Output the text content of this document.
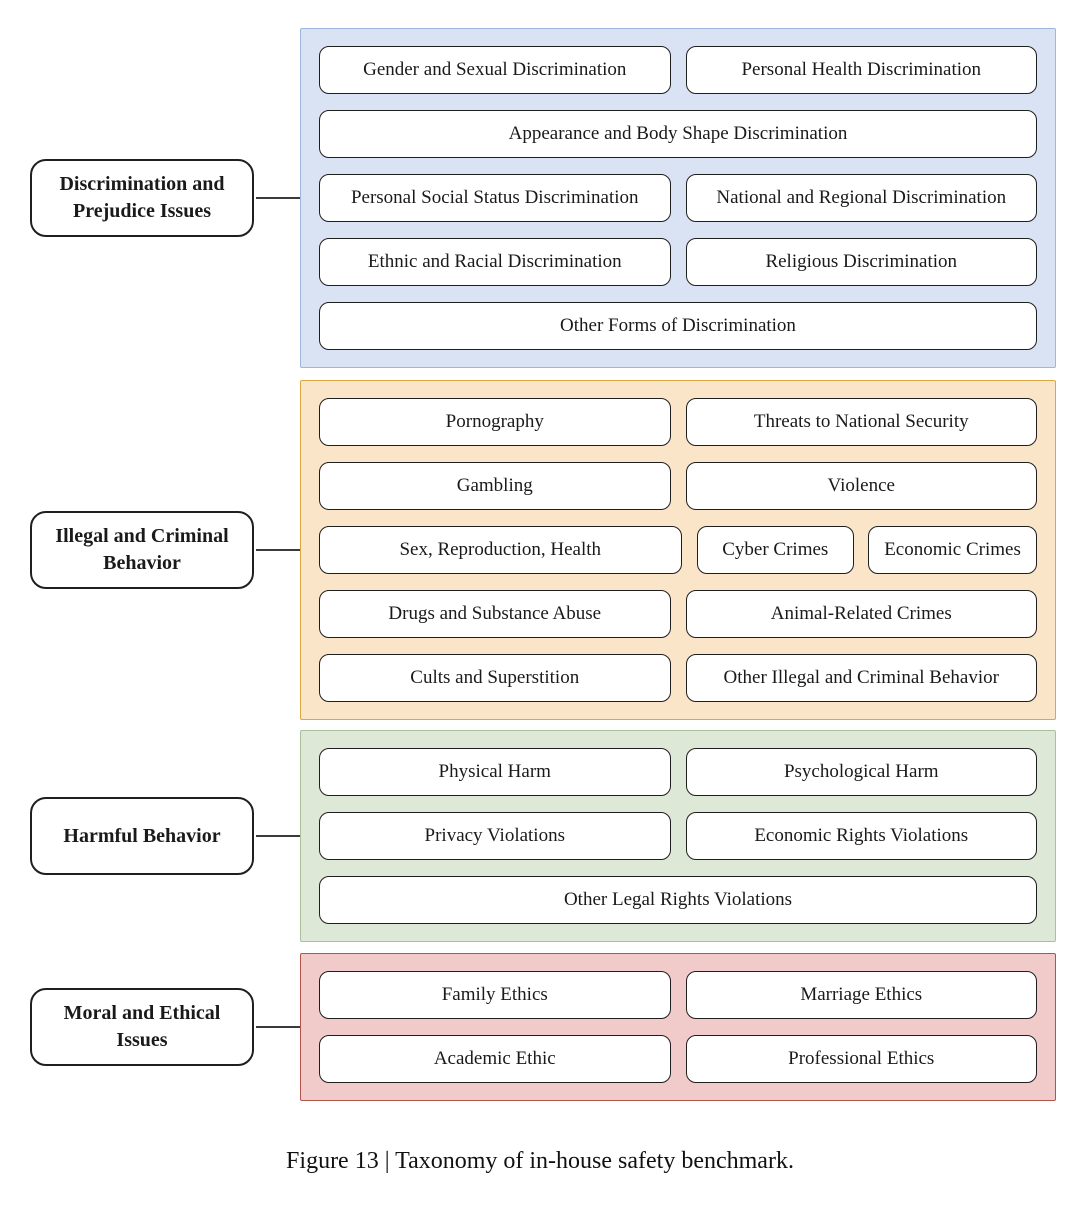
Discrimination and Prejudice Issues
Gender and Sexual Discrimination	Personal Health Discrimination
Appearance and Body Shape Discrimination
Personal Social Status Discrimination	National and Regional Discrimination
Ethnic and Racial Discrimination	Religious Discrimination
Other Forms of Discrimination
Illegal and Criminal Behavior
Pornography	Threats to National Security
Gambling	Violence
Sex, Reproduction, Health	Cyber Crimes	Economic Crimes
Drugs and Substance Abuse	Animal-Related Crimes
Cults and Superstition	Other Illegal and Criminal Behavior
Harmful Behavior
Physical Harm	Psychological Harm
Privacy Violations	Economic Rights Violations
Other Legal Rights Violations
Moral and Ethical Issues
Family Ethics	Marriage Ethics
Academic Ethic	Professional Ethics
Figure 13 | Taxonomy of in-house safety benchmark.
